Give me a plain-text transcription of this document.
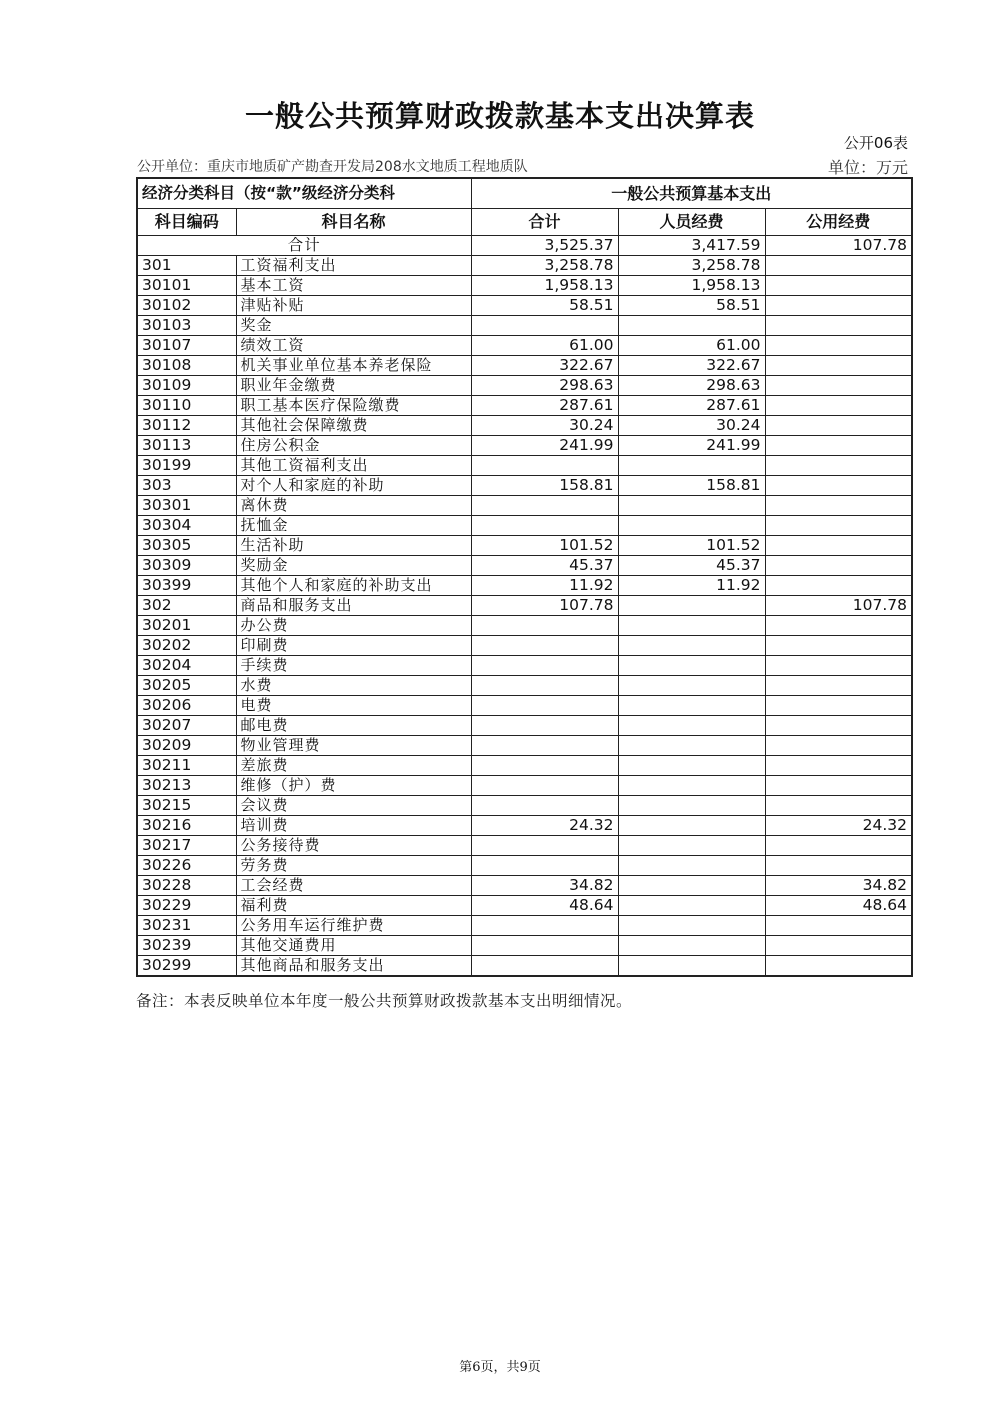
一般公共预算财政拨款基本支出决算表
公开06表
公开单位：重庆市地质矿产勘查开发局208水文地质工程地质队	单位：万元
经济分类科目（按“款”级经济分类科		一般公共预算基本支出		
科目编码	科目名称	合计	人员经费	公用经费
合计		3,525.37	3,417.59	107.78
301	工资福利支出	3,258.78	3,258.78	
30101	基本工资	1,958.13	1,958.13	
30102	津贴补贴	58.51	58.51	
30103	奖金			
30107	绩效工资	61.00	61.00	
30108	机关事业单位基本养老保险	322.67	322.67	
30109	职业年金缴费	298.63	298.63	
30110	职工基本医疗保险缴费	287.61	287.61	
30112	其他社会保障缴费	30.24	30.24	
30113	住房公积金	241.99	241.99	
30199	其他工资福利支出			
303	对个人和家庭的补助	158.81	158.81	
30301	离休费			
30304	抚恤金			
30305	生活补助	101.52	101.52	
30309	奖励金	45.37	45.37	
30399	其他个人和家庭的补助支出	11.92	11.92	
302	商品和服务支出	107.78		107.78
30201	办公费			
30202	印刷费			
30204	手续费			
30205	水费			
30206	电费			
30207	邮电费			
30209	物业管理费			
30211	差旅费			
30213	维修（护）费			
30215	会议费			
30216	培训费	24.32		24.32
30217	公务接待费			
30226	劳务费			
30228	工会经费	34.82		34.82
30229	福利费	48.64		48.64
30231	公务用车运行维护费			
30239	其他交通费用			
30299	其他商品和服务支出			
备注：本表反映单位本年度一般公共预算财政拨款基本支出明细情况。
第6页，共9页
